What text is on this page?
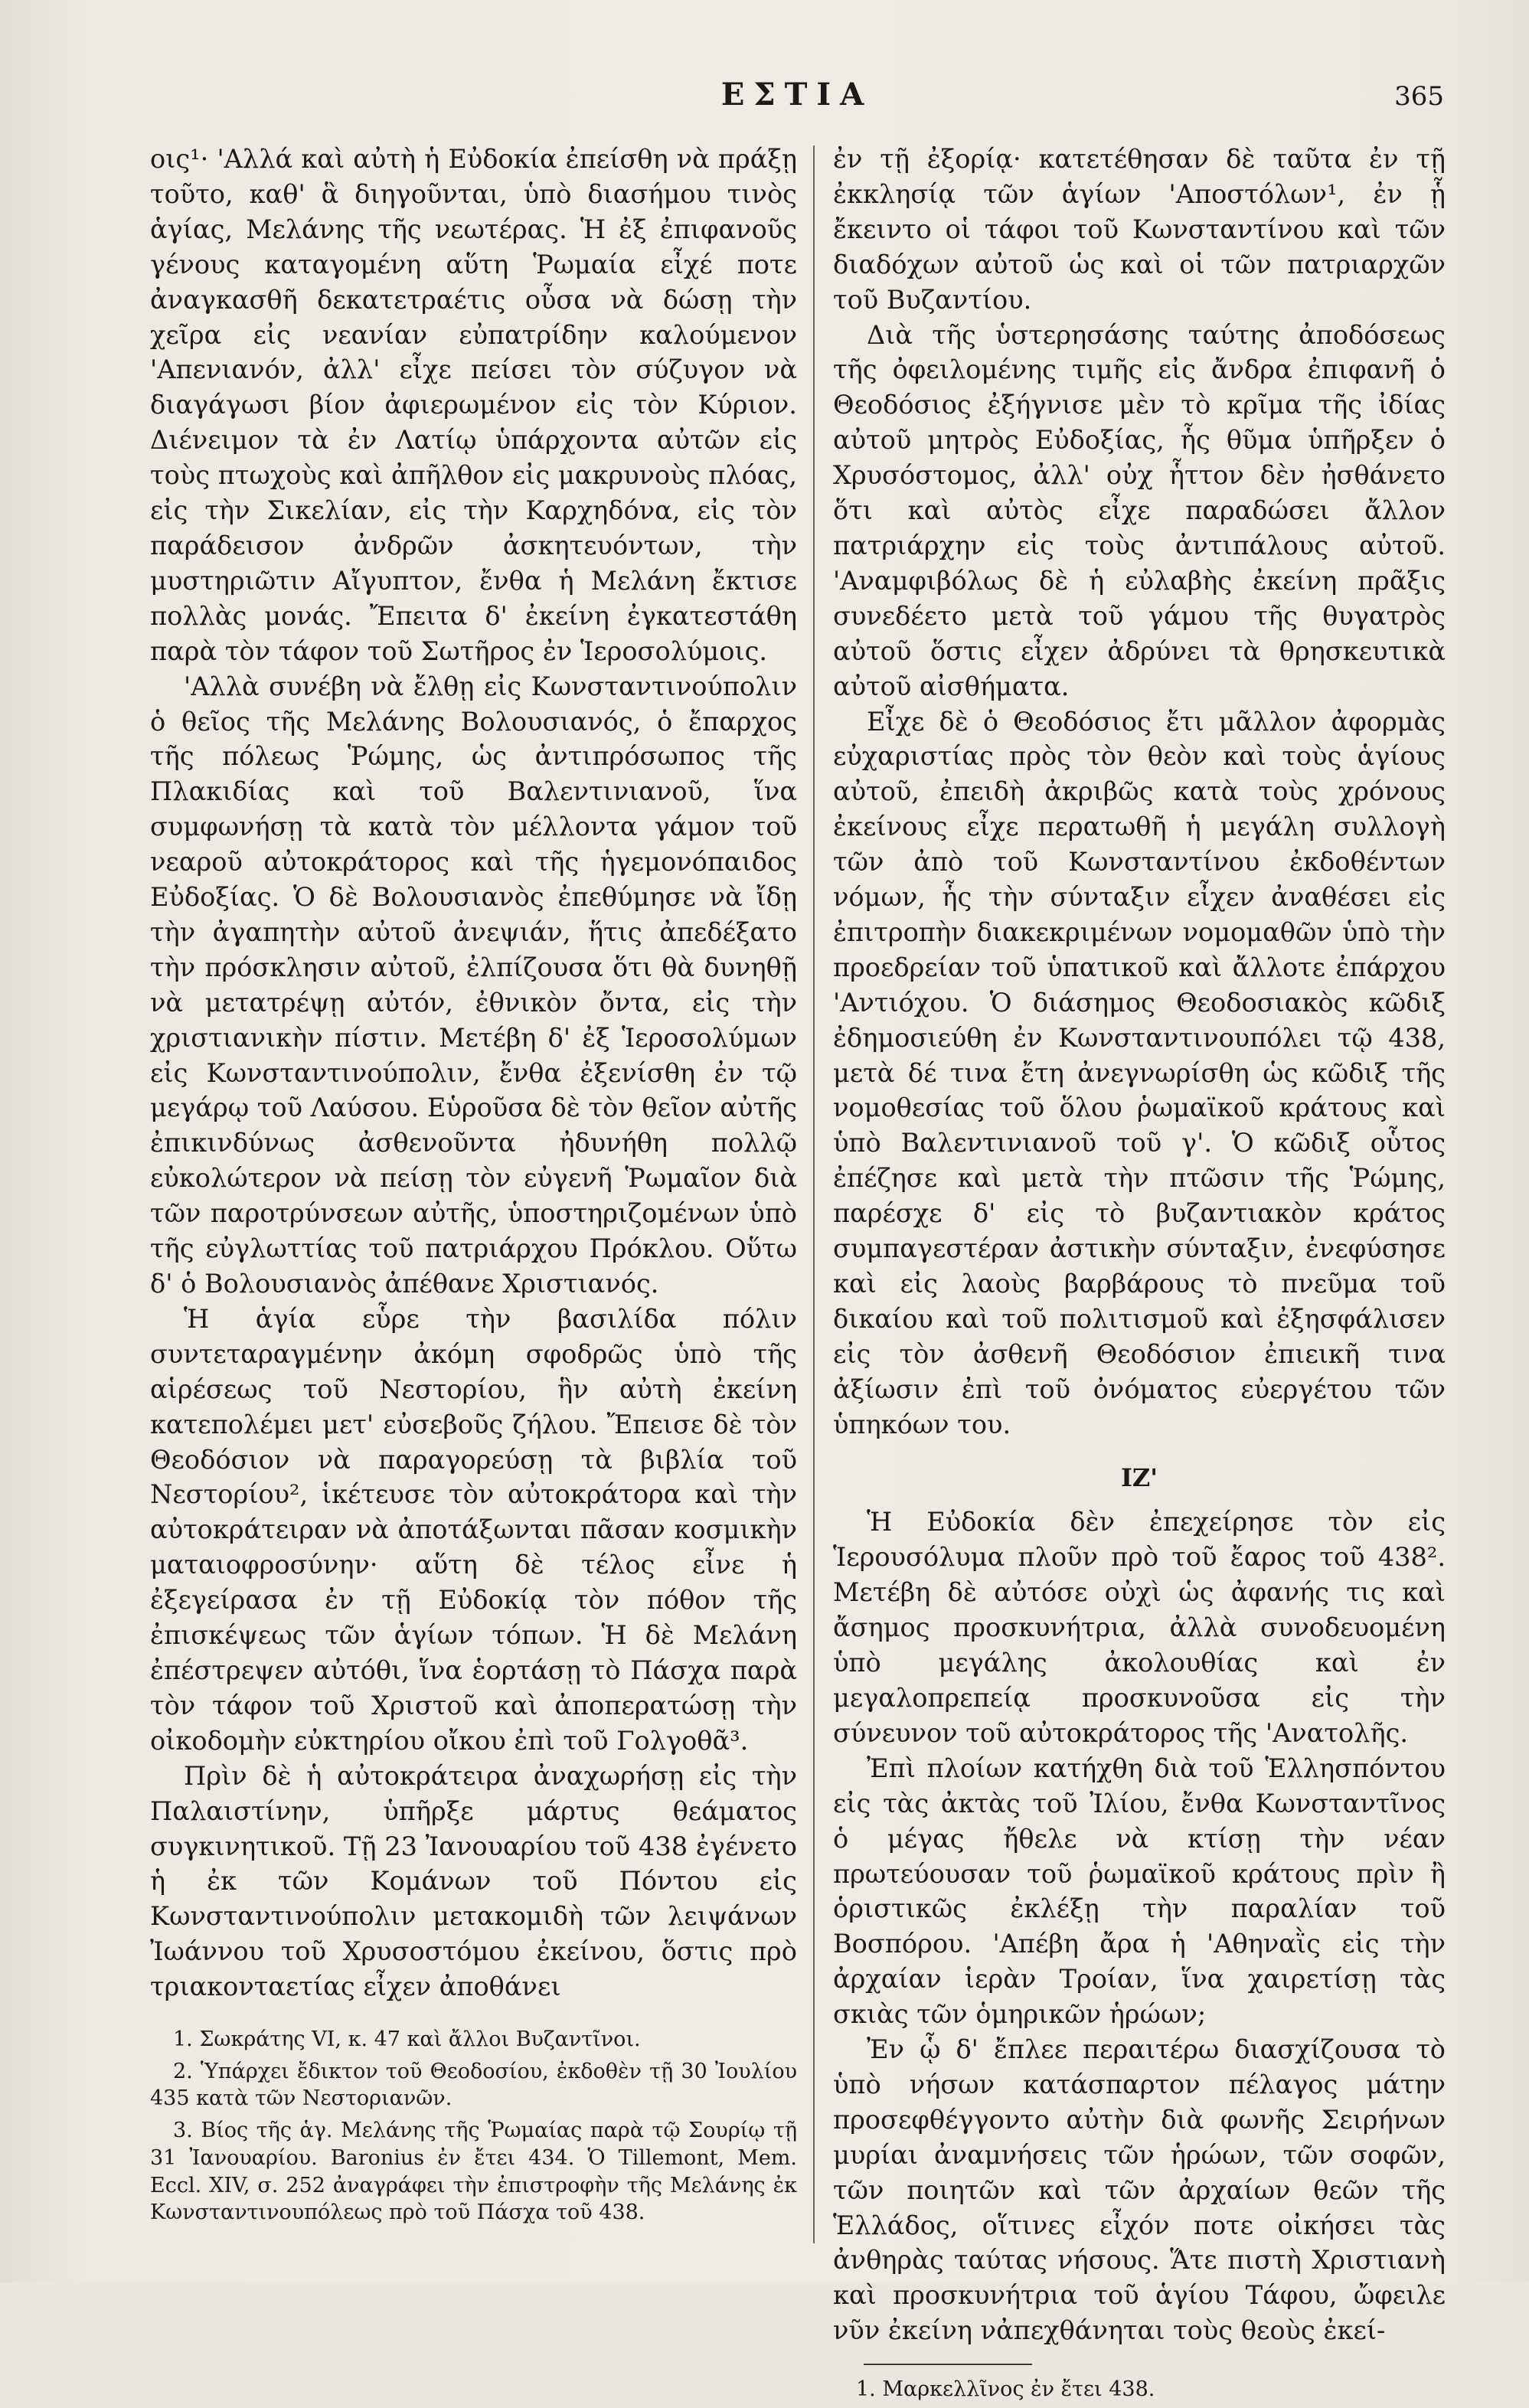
ΕΣΤΙΑ	365

οις¹· 'Αλλά καὶ αὐτὴ ἡ Εὐδοκία ἐπείσθη νὰ πράξῃ τοῦτο, καθ' ἃ διηγοῦνται, ὑπὸ διασήμου τινὸς ἁγίας, Μελάνης τῆς νεωτέρας. Ἡ ἐξ ἐπιφανοῦς γένους καταγομένη αὕτη Ῥωμαία εἶχέ ποτε ἀναγκασθῆ δεκατετραέτις οὖσα νὰ δώσῃ τὴν χεῖρα εἰς νεανίαν εὐπατρίδην καλούμενον 'Απενιανόν, ἀλλ' εἶχε πείσει τὸν σύζυγον νὰ διαγάγωσι βίον ἀφιερωμένον εἰς τὸν Κύριον. Διένειμον τὰ ἐν Λατίῳ ὑπάρχοντα αὐτῶν εἰς τοὺς πτωχοὺς καὶ ἀπῆλθον εἰς μακρυνοὺς πλόας, εἰς τὴν Σικελίαν, εἰς τὴν Καρχηδόνα, εἰς τὸν παράδεισον ἀνδρῶν ἀσκητευόντων, τὴν μυστηριῶτιν Αἴγυπτον, ἔνθα ἡ Μελάνη ἔκτισε πολλὰς μονάς. Ἔπειτα δ' ἐκείνη ἐγκατεστάθη παρὰ τὸν τάφον τοῦ Σωτῆρος ἐν Ἱεροσολύμοις.

'Αλλὰ συνέβη νὰ ἔλθῃ εἰς Κωνσταντινούπολιν ὁ θεῖος τῆς Μελάνης Βολουσιανός, ὁ ἔπαρχος τῆς πόλεως Ῥώμης, ὡς ἀντιπρόσωπος τῆς Πλακιδίας καὶ τοῦ Βαλεντινιανοῦ, ἵνα συμφωνήσῃ τὰ κατὰ τὸν μέλλοντα γάμον τοῦ νεαροῦ αὐτοκράτορος καὶ τῆς ἡγεμονόπαιδος Εὐδοξίας. Ὁ δὲ Βολουσιανὸς ἐπεθύμησε νὰ ἴδῃ τὴν ἀγαπητὴν αὐτοῦ ἀνεψιάν, ἥτις ἀπεδέξατο τὴν πρόσκλησιν αὐτοῦ, ἐλπίζουσα ὅτι θὰ δυνηθῇ νὰ μετατρέψῃ αὐτόν, ἐθνικὸν ὄντα, εἰς τὴν χριστιανικὴν πίστιν. Μετέβη δ' ἐξ Ἱεροσολύμων εἰς Κωνσταντινούπολιν, ἔνθα ἐξενίσθη ἐν τῷ μεγάρῳ τοῦ Λαύσου. Εὑροῦσα δὲ τὸν θεῖον αὐτῆς ἐπικινδύνως ἀσθενοῦντα ἠδυνήθη πολλῷ εὐκολώτερον νὰ πείσῃ τὸν εὐγενῆ Ῥωμαῖον διὰ τῶν παροτρύνσεων αὐτῆς, ὑποστηριζομένων ὑπὸ τῆς εὐγλωττίας τοῦ πατριάρχου Πρόκλου. Οὕτω δ' ὁ Βολουσιανὸς ἀπέθανε Χριστιανός.

Ἡ ἁγία εὗρε τὴν βασιλίδα πόλιν συντεταραγμένην ἀκόμη σφοδρῶς ὑπὸ τῆς αἱρέσεως τοῦ Νεστορίου, ἣν αὐτὴ ἐκείνη κατεπολέμει μετ' εὐσεβοῦς ζήλου. Ἔπεισε δὲ τὸν Θεοδόσιον νὰ παραγορεύσῃ τὰ βιβλία τοῦ Νεστορίου², ἱκέτευσε τὸν αὐτοκράτορα καὶ τὴν αὐτοκράτειραν νὰ ἀποτάξωνται πᾶσαν κοσμικὴν ματαιοφροσύνην· αὕτη δὲ τέλος εἶνε ἡ ἐξεγείρασα ἐν τῇ Εὐδοκίᾳ τὸν πόθον τῆς ἐπισκέψεως τῶν ἁγίων τόπων. Ἡ δὲ Μελάνη ἐπέστρεψεν αὐτόθι, ἵνα ἑορτάσῃ τὸ Πάσχα παρὰ τὸν τάφον τοῦ Χριστοῦ καὶ ἀποπερατώσῃ τὴν οἰκοδομὴν εὐκτηρίου οἴκου ἐπὶ τοῦ Γολγοθᾶ³.

Πρὶν δὲ ἡ αὐτοκράτειρα ἀναχωρήσῃ εἰς τὴν Παλαιστίνην, ὑπῆρξε μάρτυς θεάματος συγκινητικοῦ. Τῇ 23 Ἰανουαρίου τοῦ 438 ἐγένετο ἡ ἐκ τῶν Κομάνων τοῦ Πόντου εἰς Κωνσταντινούπολιν μετακομιδὴ τῶν λειψάνων Ἰωάννου τοῦ Χρυσοστόμου ἐκείνου, ὅστις πρὸ τριακονταετίας εἶχεν ἀποθάνει

1. Σωκράτης VI, κ. 47 καὶ ἄλλοι Βυζαντῖνοι.

2. Ὑπάρχει ἔδικτον τοῦ Θεοδοσίου, ἐκδοθὲν τῇ 30 Ἰουλίου 435 κατὰ τῶν Νεστοριανῶν.

3. Βίος τῆς ἁγ. Μελάνης τῆς Ῥωμαίας παρὰ τῷ Σουρίῳ τῇ 31 Ἰανουαρίου. Baronius ἐν ἔτει 434. Ὁ Tillemont, Mem. Eccl. XIV, σ. 252 ἀναγράφει τὴν ἐπιστροφὴν τῆς Μελάνης ἐκ Κωνσταντινουπόλεως πρὸ τοῦ Πάσχα τοῦ 438.

ἐν τῇ ἐξορίᾳ· κατετέθησαν δὲ ταῦτα ἐν τῇ ἐκκλησίᾳ τῶν ἁγίων 'Αποστόλων¹, ἐν ᾗ ἔκειντο οἱ τάφοι τοῦ Κωνσταντίνου καὶ τῶν διαδόχων αὐτοῦ ὡς καὶ οἱ τῶν πατριαρχῶν τοῦ Βυζαντίου.

Διὰ τῆς ὑστερησάσης ταύτης ἀποδόσεως τῆς ὀφειλομένης τιμῆς εἰς ἄνδρα ἐπιφανῆ ὁ Θεοδόσιος ἐξήγνισε μὲν τὸ κρῖμα τῆς ἰδίας αὐτοῦ μητρὸς Εὐδοξίας, ἧς θῦμα ὑπῆρξεν ὁ Χρυσόστομος, ἀλλ' οὐχ ἧττον δὲν ἠσθάνετο ὅτι καὶ αὐτὸς εἶχε παραδώσει ἄλλον πατριάρχην εἰς τοὺς ἀντιπάλους αὐτοῦ. 'Αναμφιβόλως δὲ ἡ εὐλαβὴς ἐκείνη πρᾶξις συνεδέετο μετὰ τοῦ γάμου τῆς θυγατρὸς αὐτοῦ ὅστις εἶχεν ἀδρύνει τὰ θρησκευτικὰ αὐτοῦ αἰσθήματα.

Εἶχε δὲ ὁ Θεοδόσιος ἔτι μᾶλλον ἀφορμὰς εὐχαριστίας πρὸς τὸν θεὸν καὶ τοὺς ἁγίους αὐτοῦ, ἐπειδὴ ἀκριβῶς κατὰ τοὺς χρόνους ἐκείνους εἶχε περατωθῆ ἡ μεγάλη συλλογὴ τῶν ἀπὸ τοῦ Κωνσταντίνου ἐκδοθέντων νόμων, ἧς τὴν σύνταξιν εἶχεν ἀναθέσει εἰς ἐπιτροπὴν διακεκριμένων νομομαθῶν ὑπὸ τὴν προεδρείαν τοῦ ὑπατικοῦ καὶ ἄλλοτε ἐπάρχου 'Αντιόχου. Ὁ διάσημος Θεοδοσιακὸς κῶδιξ ἐδημοσιεύθη ἐν Κωνσταντινουπόλει τῷ 438, μετὰ δέ τινα ἔτη ἀνεγνωρίσθη ὡς κῶδιξ τῆς νομοθεσίας τοῦ ὅλου ῥωμαϊκοῦ κράτους καὶ ὑπὸ Βαλεντινιανοῦ τοῦ γ'. Ὁ κῶδιξ οὗτος ἐπέζησε καὶ μετὰ τὴν πτῶσιν τῆς Ῥώμης, παρέσχε δ' εἰς τὸ βυζαντιακὸν κράτος συμπαγεστέραν ἀστικὴν σύνταξιν, ἐνεφύσησε καὶ εἰς λαοὺς βαρβάρους τὸ πνεῦμα τοῦ δικαίου καὶ τοῦ πολιτισμοῦ καὶ ἐξησφάλισεν εἰς τὸν ἀσθενῆ Θεοδόσιον ἐπιεικῆ τινα ἀξίωσιν ἐπὶ τοῦ ὀνόματος εὐεργέτου τῶν ὑπηκόων του.

ΙΖ'

Ἡ Εὐδοκία δὲν ἐπεχείρησε τὸν εἰς Ἱερουσόλυμα πλοῦν πρὸ τοῦ ἔαρος τοῦ 438². Μετέβη δὲ αὐτόσε οὐχὶ ὡς ἀφανής τις καὶ ἄσημος προσκυνήτρια, ἀλλὰ συνοδευομένη ὑπὸ μεγάλης ἀκολουθίας καὶ ἐν μεγαλοπρεπείᾳ προσκυνοῦσα εἰς τὴν σύνευνον τοῦ αὐτοκράτορος τῆς 'Ανατολῆς.

Ἐπὶ πλοίων κατήχθη διὰ τοῦ Ἑλλησπόντου εἰς τὰς ἀκτὰς τοῦ Ἰλίου, ἔνθα Κωνσταντῖνος ὁ μέγας ἤθελε νὰ κτίσῃ τὴν νέαν πρωτεύουσαν τοῦ ῥωμαϊκοῦ κράτους πρὶν ἢ ὁριστικῶς ἐκλέξῃ τὴν παραλίαν τοῦ Βοσπόρου. 'Απέβη ἄρα ἡ 'Αθηναῒς εἰς τὴν ἀρχαίαν ἱερὰν Τροίαν, ἵνα χαιρετίσῃ τὰς σκιὰς τῶν ὁμηρικῶν ἡρώων;

Ἐν ᾧ δ' ἔπλεε περαιτέρω διασχίζουσα τὸ ὑπὸ νήσων κατάσπαρτον πέλαγος μάτην προσεφθέγγοντο αὐτὴν διὰ φωνῆς Σειρήνων μυρίαι ἀναμνήσεις τῶν ἡρώων, τῶν σοφῶν, τῶν ποιητῶν καὶ τῶν ἀρχαίων θεῶν τῆς Ἑλλάδος, οἵτινες εἶχόν ποτε οἰκήσει τὰς ἀνθηρὰς ταύτας νήσους. Ἅτε πιστὴ Χριστιανὴ καὶ προσκυνήτρια τοῦ ἁγίου Τάφου, ὤφειλε νῦν ἐκείνη νἀπεχθάνηται τοὺς θεοὺς ἐκεί-

1. Μαρκελλῖνος ἐν ἔτει 438.
